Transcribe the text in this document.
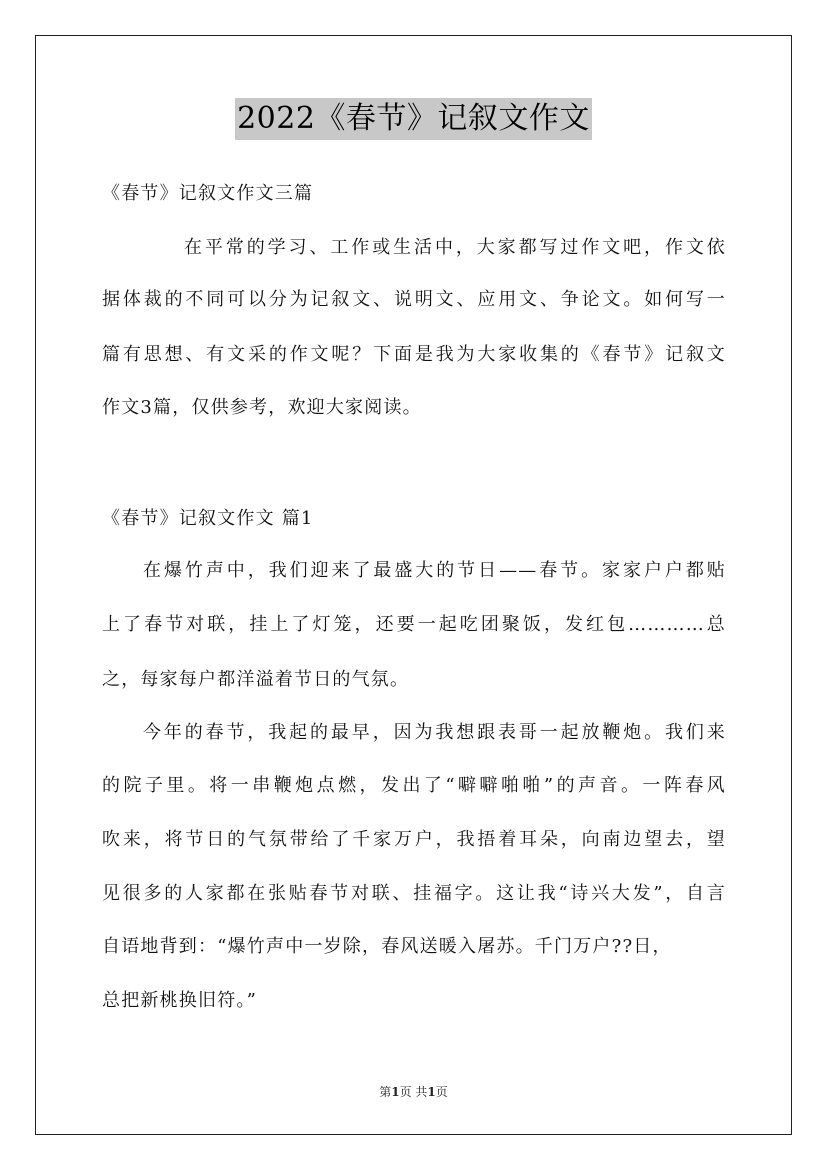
2022《春节》记叙文作文
《春节》记叙文作文三篇
在平常的学习、工作或生活中，大家都写过作文吧，作文依
据体裁的不同可以分为记叙文、说明文、应用文、争论文。如何写一
篇有思想、有文采的作文呢？下面是我为大家收集的《春节》记叙文
作文3篇，仅供参考，欢迎大家阅读。
《春节》记叙文作文 篇1
在爆竹声中，我们迎来了最盛大的节日——春节。家家户户都贴
上了春节对联，挂上了灯笼，还要一起吃团聚饭，发红包…………总
之，每家每户都洋溢着节日的气氛。
今年的春节，我起的最早，因为我想跟表哥一起放鞭炮。我们来
的院子里。将一串鞭炮点燃，发出了“噼噼啪啪”的声音。一阵春风
吹来，将节日的气氛带给了千家万户，我捂着耳朵，向南边望去，望
见很多的人家都在张贴春节对联、挂福字。这让我“诗兴大发”，自言
自语地背到：“爆竹声中一岁除，春风送暖入屠苏。千门万户??日，
总把新桃换旧符。”
第1页 共1页
